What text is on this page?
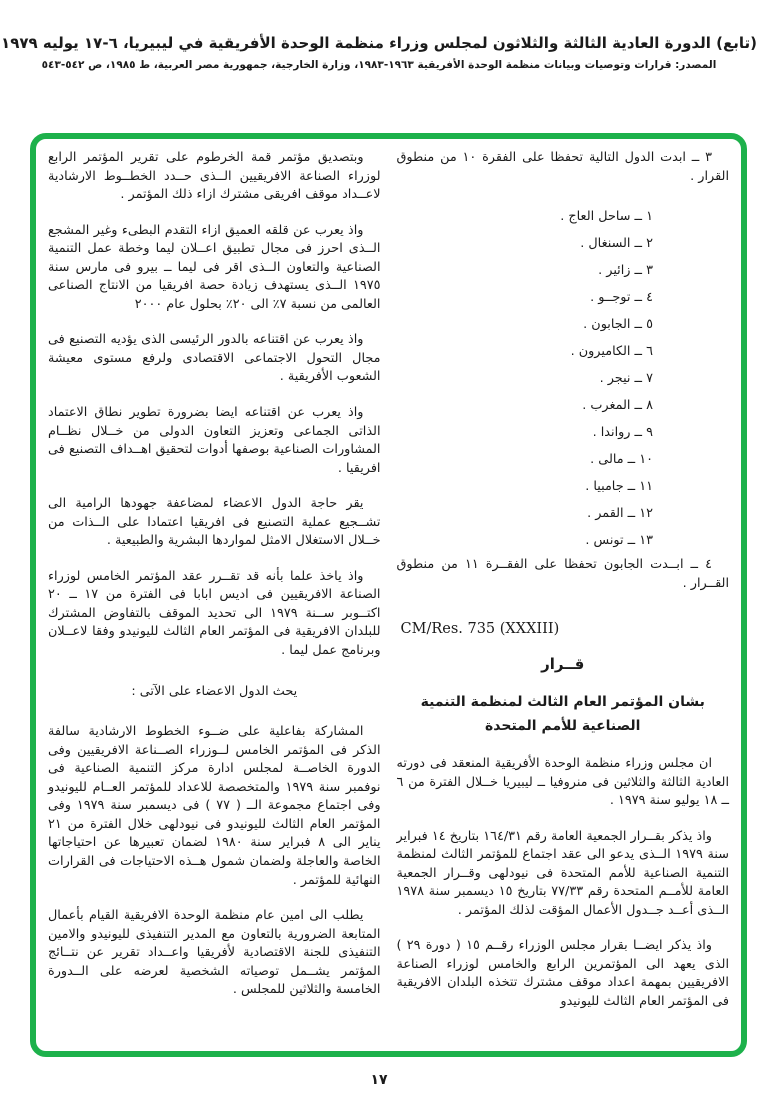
(تابع) الدورة العادية الثالثة والثلاثون لمجلس وزراء منظمة الوحدة الأفريقية في ليبيريا، ٦-١٧ يوليه ١٩٧٩
المصدر: قرارات وتوصيات وبيانات منظمة الوحدة الأفريقية ١٩٦٣-١٩٨٣، وزارة الخارجية، جمهورية مصر العربية، ط ١٩٨٥، ص ٥٤٢-٥٤٣

٣ ــ ابدت الدول التالية تحفظا على الفقرة ١٠ من منطوق القرار .

١ ــ ساحل العاج .
٢ ــ السنغال .
٣ ــ زائير .
٤ ــ توجــو .
٥ ــ الجابون .
٦ ــ الكاميرون .
٧ ــ نيجر .
٨ ــ المغرب .
٩ ــ رواندا .
١٠ ــ مالى .
١١ ــ جامبيا .
١٢ ــ القمر .
١٣ ــ تونس .

٤ ــ ابــدت الجابون تحفظا على الفقــرة ١١ من منطوق القــرار .

CM/Res. 735 (XXXIII)
قــرار
بشان المؤتمر العام الثالث لمنظمة التنمية الصناعية للأمم المتحدة

ان مجلس وزراء منظمة الوحدة الأفريقية المنعقد فى دورته العادية الثالثة والثلاثين فى منروفيا ــ ليبيريا خــلال الفترة من ٦ ــ ١٨ يوليو سنة ١٩٧٩ .

واذ يذكر بقــرار الجمعية العامة رقم ١٦٤/٣١ بتاريخ ١٤ فبراير سنة ١٩٧٩ الــذى يدعو الى عقد اجتماع للمؤتمر الثالث لمنظمة التنمية الصناعية للأمم المتحدة فى نيودلهى وقــرار الجمعية العامة للأمــم المتحدة رقم ٧٧/٣٣ بتاريخ ١٥ ديسمبر سنة ١٩٧٨ الــذى أعــد جــدول الأعمال المؤقت لذلك المؤتمر .

واذ يذكر ايضــا بقرار مجلس الوزراء رقــم ١٥ ( دورة ٢٩ ) الذى يعهد الى المؤتمرين الرابع والخامس لوزراء الصناعة الافريقيين بمهمة اعداد موقف مشترك تتخذه البلدان الافريقية فى المؤتمر العام الثالث لليونيدو

وبتصديق مؤتمر قمة الخرطوم على تقرير المؤتمر الرابع لوزراء الصناعة الافريقيين الــذى حــدد الخطــوط الارشادية لاعــداد موقف افريقى مشترك ازاء ذلك المؤتمر .

واذ يعرب عن قلقه العميق ازاء التقدم البطىء وغير المشجع الــذى احرز فى مجال تطبيق اعــلان ليما وخطة عمل التنمية الصناعية والتعاون الــذى اقر فى ليما ــ بيرو فى مارس سنة ١٩٧٥ الــذى يستهدف زيادة حصة افريقيا من الانتاج الصناعى العالمى من نسبة ٧٪ الى ٢٠٪ بحلول عام ٢٠٠٠

واذ يعرب عن اقتناعه بالدور الرئيسى الذى يؤديه التصنيع فى مجال التحول الاجتماعى الاقتصادى ولرفع مستوى معيشة الشعوب الأفريقية .

واذ يعرب عن اقتناعه ايضا بضرورة تطوير نطاق الاعتماد الذاتى الجماعى وتعزيز التعاون الدولى من خــلال نظــام المشاورات الصناعية بوصفها أدوات لتحقيق اهــداف التصنيع فى افريقيا .

يقر حاجة الدول الاعضاء لمضاعفة جهودها الرامية الى تشــجيع عملية التصنيع فى افريقيا اعتمادا على الــذات من خــلال الاستغلال الامثل لمواردها البشرية والطبيعية .

واذ ياخذ علما بأنه قد تقــرر عقد المؤتمر الخامس لوزراء الصناعة الافريقيين فى اديس ابابا فى الفترة من ١٧ ــ ٢٠ اكتــوبر ســنة ١٩٧٩ الى تحديد الموقف بالتفاوض المشترك للبلدان الافريقية فى المؤتمر العام الثالث لليونيدو وفقا لاعــلان وبرنامج عمل ليما .

يحث الدول الاعضاء على الآتى :

المشاركة بفاعلية على ضــوء الخطوط الارشادية سالفة الذكر فى المؤتمر الخامس لــوزراء الصــناعة الافريقيين وفى الدورة الخاصــة لمجلس ادارة مركز التنمية الصناعية فى نوفمبر سنة ١٩٧٩ والمتخصصة للاعداد للمؤتمر العــام لليونيدو وفى اجتماع مجموعة الــ ( ٧٧ ) فى ديسمبر سنة ١٩٧٩ وفى المؤتمر العام الثالث لليونيدو فى نيودلهى خلال الفترة من ٢١ يناير الى ٨ فبراير سنة ١٩٨٠ لضمان تعبيرها عن احتياجاتها الخاصة والعاجلة ولضمان شمول هــذه الاحتياجات فى القرارات النهائية للمؤتمر .

يطلب الى امين عام منظمة الوحدة الافريقية القيام بأعمال المتابعة الضرورية بالتعاون مع المدير التنفيذى لليونيدو والامين التنفيذى للجنة الاقتصادية لأفريقيا واعــداد تقرير عن نتــائج المؤتمر يشــمل توصياته الشخصية لعرضه على الــدورة الخامسة والثلاثين للمجلس .

١٧
